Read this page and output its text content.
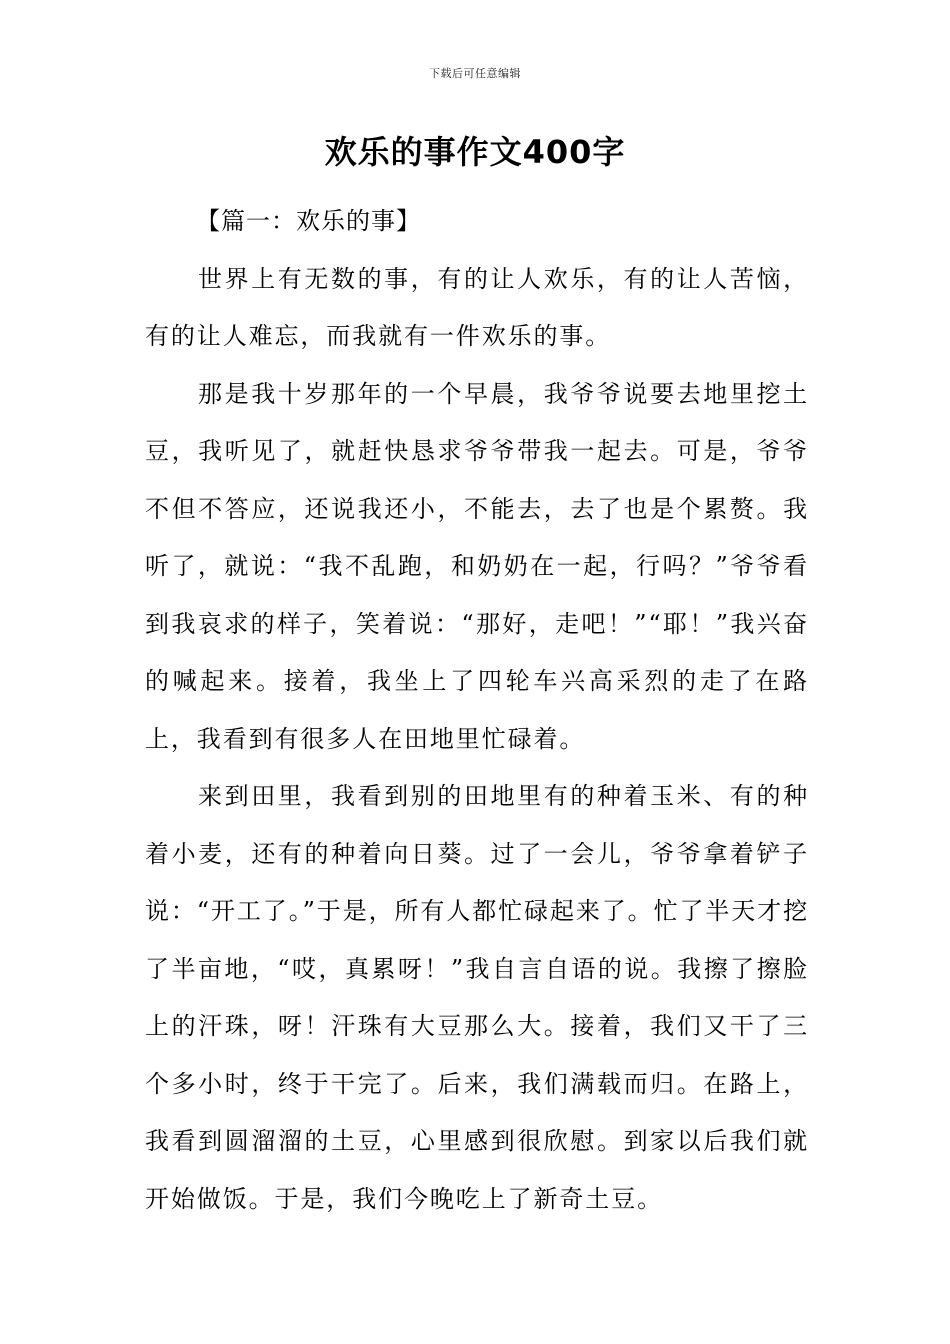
下载后可任意编辑
欢乐的事作文400字

【篇一：欢乐的事】

世界上有无数的事，有的让人欢乐，有的让人苦恼，有的让人难忘，而我就有一件欢乐的事。

那是我十岁那年的一个早晨，我爷爷说要去地里挖土豆，我听见了，就赶快恳求爷爷带我一起去。可是，爷爷不但不答应，还说我还小，不能去，去了也是个累赘。我听了，就说：“我不乱跑，和奶奶在一起，行吗？”爷爷看到我哀求的样子，笑着说：“那好，走吧！”“耶！”我兴奋的喊起来。接着，我坐上了四轮车兴高采烈的走了在路上，我看到有很多人在田地里忙碌着。

来到田里，我看到别的田地里有的种着玉米、有的种着小麦，还有的种着向日葵。过了一会儿，爷爷拿着铲子说：“开工了。”于是，所有人都忙碌起来了。忙了半天才挖了半亩地，“哎，真累呀！”我自言自语的说。我擦了擦脸上的汗珠，呀！汗珠有大豆那么大。接着，我们又干了三个多小时，终于干完了。后来，我们满载而归。在路上，我看到圆溜溜的土豆，心里感到很欣慰。到家以后我们就开始做饭。于是，我们今晚吃上了新奇土豆。
